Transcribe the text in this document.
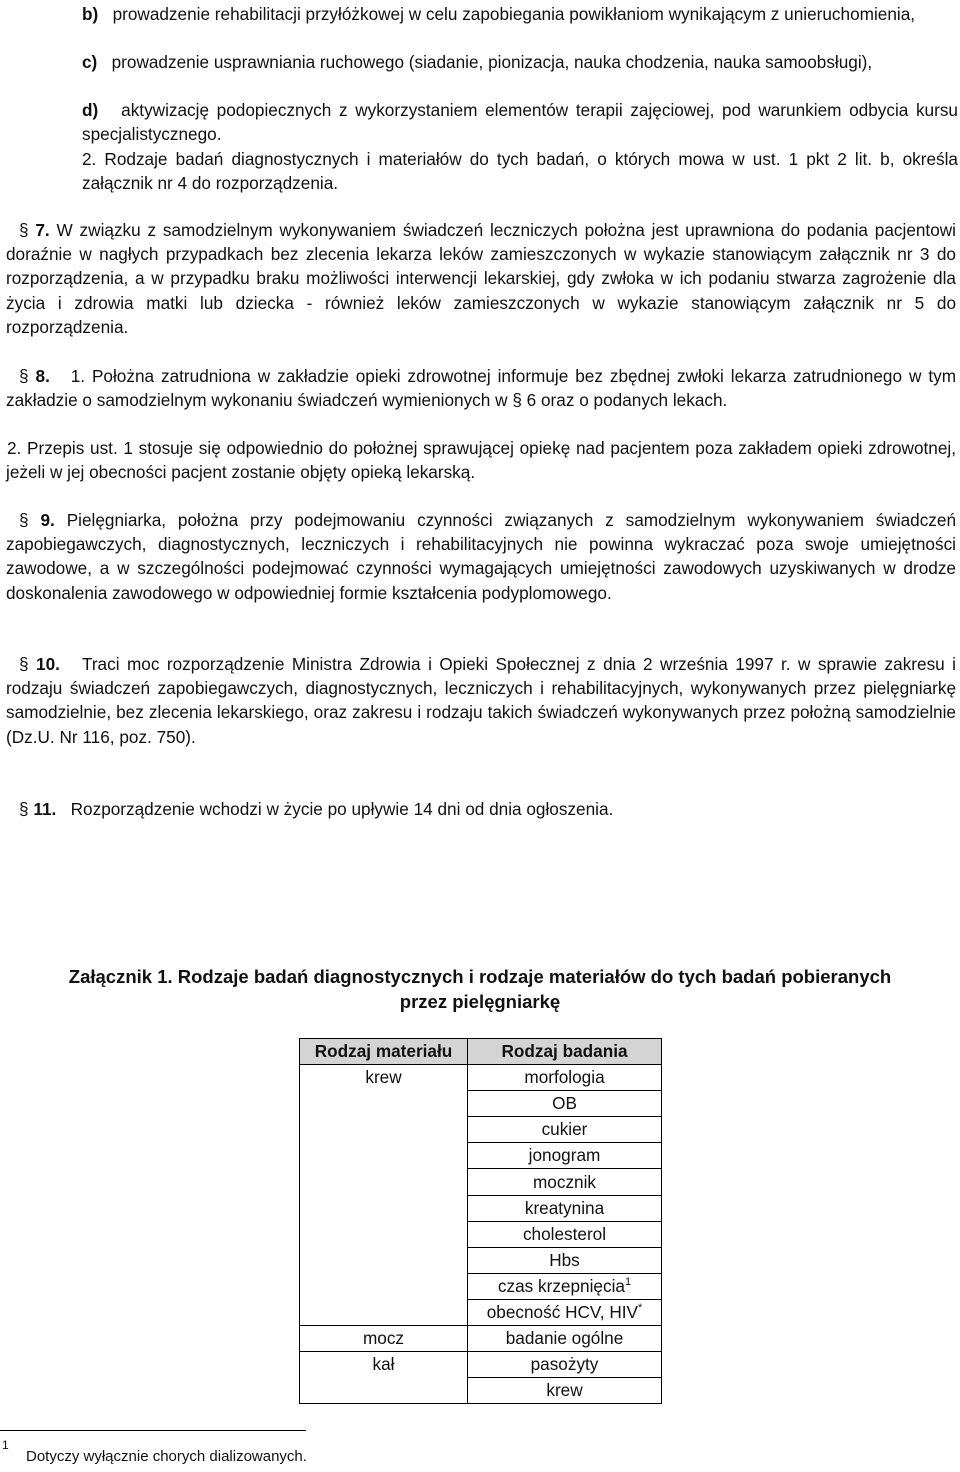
b) prowadzenie rehabilitacji przyłóżkowej w celu zapobiegania powikłaniom wynikającym z unieruchomienia,

c) prowadzenie usprawniania ruchowego (siadanie, pionizacja, nauka chodzenia, nauka samoobsługi),

d) aktywizację podopiecznych z wykorzystaniem elementów terapii zajęciowej, pod warunkiem odbycia kursu specjalistycznego.

2. Rodzaje badań diagnostycznych i materiałów do tych badań, o których mowa w ust. 1 pkt 2 lit. b, określa załącznik nr 4 do rozporządzenia.

§ 7. W związku z samodzielnym wykonywaniem świadczeń leczniczych położna jest uprawniona do podania pacjentowi doraźnie w nagłych przypadkach bez zlecenia lekarza leków zamieszczonych w wykazie stanowiącym załącznik nr 3 do rozporządzenia, a w przypadku braku możliwości interwencji lekarskiej, gdy zwłoka w ich podaniu stwarza zagrożenie dla życia i zdrowia matki lub dziecka - również leków zamieszczonych w wykazie stanowiącym załącznik nr 5 do rozporządzenia.

§ 8. 1. Położna zatrudniona w zakładzie opieki zdrowotnej informuje bez zbędnej zwłoki lekarza zatrudnionego w tym zakładzie o samodzielnym wykonaniu świadczeń wymienionych w § 6 oraz o podanych lekach.

2. Przepis ust. 1 stosuje się odpowiednio do położnej sprawującej opiekę nad pacjentem poza zakładem opieki zdrowotnej, jeżeli w jej obecności pacjent zostanie objęty opieką lekarską.

§ 9. Pielęgniarka, położna przy podejmowaniu czynności związanych z samodzielnym wykonywaniem świadczeń zapobiegawczych, diagnostycznych, leczniczych i rehabilitacyjnych nie powinna wykraczać poza swoje umiejętności zawodowe, a w szczególności podejmować czynności wymagających umiejętności zawodowych uzyskiwanych w drodze doskonalenia zawodowego w odpowiedniej formie kształcenia podyplomowego.

§ 10. Traci moc rozporządzenie Ministra Zdrowia i Opieki Społecznej z dnia 2 września 1997 r. w sprawie zakresu i rodzaju świadczeń zapobiegawczych, diagnostycznych, leczniczych i rehabilitacyjnych, wykonywanych przez pielęgniarkę samodzielnie, bez zlecenia lekarskiego, oraz zakresu i rodzaju takich świadczeń wykonywanych przez położną samodzielnie (Dz.U. Nr 116, poz. 750).

§ 11. Rozporządzenie wchodzi w życie po upływie 14 dni od dnia ogłoszenia.

Załącznik 1. Rodzaje badań diagnostycznych i rodzaje materiałów do tych badań pobieranych
przez pielęgniarkę
Rodzaj materiału	Rodzaj badania
krew	morfologia
	OB
	cukier
	jonogram
	mocznik
	kreatynina
	cholesterol
	Hbs
	czas krzepnięcia$^1$
	obecność HCV, HIV*
mocz	badanie ogólne
kał	pasożyty
	krew
1
Dotyczy wyłącznie chorych dializowanych.
